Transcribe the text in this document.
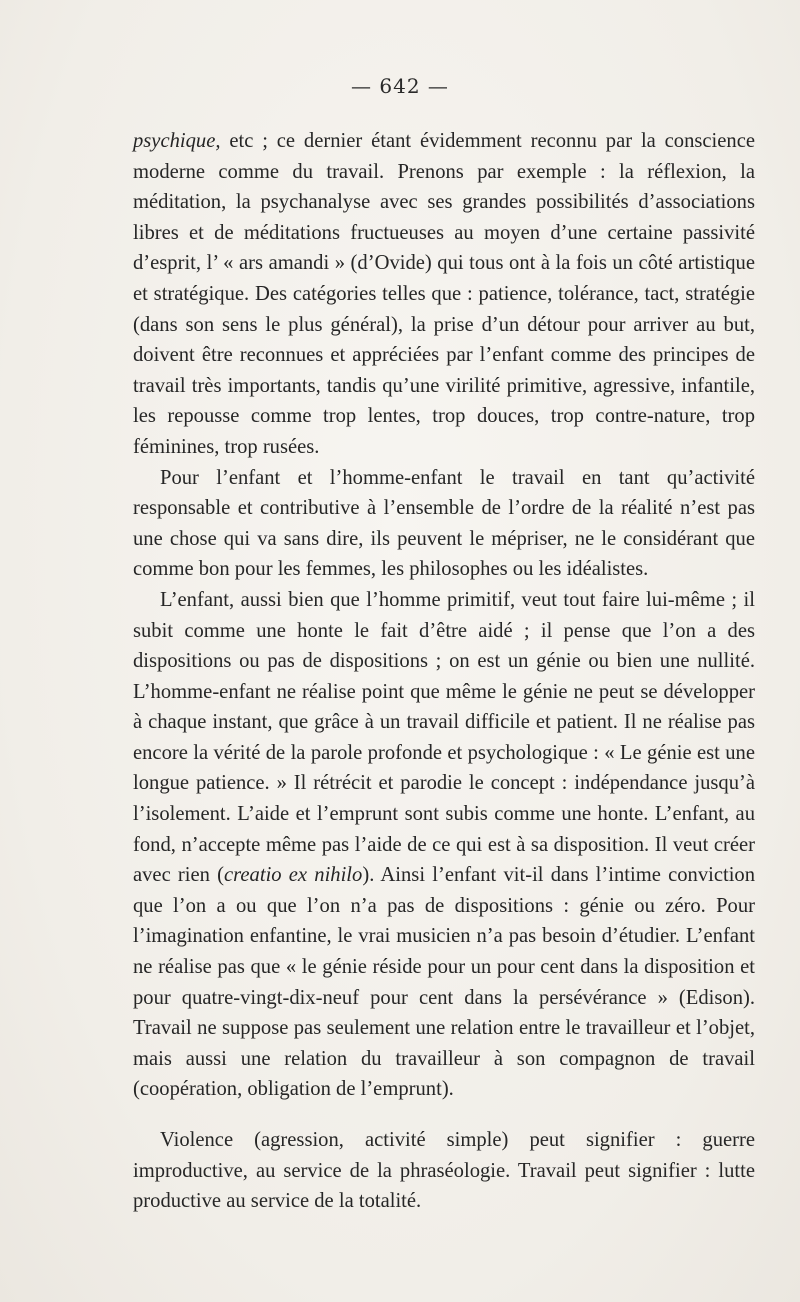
— 642 —

psychique, etc ; ce dernier étant évidemment reconnu par la conscience moderne comme du travail. Prenons par exemple : la réflexion, la méditation, la psychanalyse avec ses grandes possibilités d’associations libres et de méditations fructueuses au moyen d’une certaine passivité d’esprit, l’ « ars amandi » (d’Ovide) qui tous ont à la fois un côté artistique et stratégique. Des catégories telles que : patience, tolérance, tact, stratégie (dans son sens le plus général), la prise d’un détour pour arriver au but, doivent être reconnues et appréciées par l’enfant comme des principes de travail très importants, tandis qu’une virilité primitive, agressive, infantile, les repousse comme trop lentes, trop douces, trop contre-nature, trop féminines, trop rusées.

Pour l’enfant et l’homme-enfant le travail en tant qu’activité responsable et contributive à l’ensemble de l’ordre de la réalité n’est pas une chose qui va sans dire, ils peuvent le mépriser, ne le considérant que comme bon pour les femmes, les philosophes ou les idéalistes.

L’enfant, aussi bien que l’homme primitif, veut tout faire lui-même ; il subit comme une honte le fait d’être aidé ; il pense que l’on a des dispositions ou pas de dispositions ; on est un génie ou bien une nullité. L’homme-enfant ne réalise point que même le génie ne peut se développer à chaque instant, que grâce à un travail difficile et patient. Il ne réalise pas encore la vérité de la parole profonde et psychologique : « Le génie est une longue patience. » Il rétrécit et parodie le concept : indépendance jusqu’à l’isolement. L’aide et l’emprunt sont subis comme une honte. L’enfant, au fond, n’accepte même pas l’aide de ce qui est à sa disposition. Il veut créer avec rien (creatio ex nihilo). Ainsi l’enfant vit-il dans l’intime conviction que l’on a ou que l’on n’a pas de dispositions : génie ou zéro. Pour l’imagination enfantine, le vrai musicien n’a pas besoin d’étudier. L’enfant ne réalise pas que « le génie réside pour un pour cent dans la disposition et pour quatre-vingt-dix-neuf pour cent dans la persévérance » (Edison). Travail ne suppose pas seulement une relation entre le travailleur et l’objet, mais aussi une relation du travailleur à son compagnon de travail (coopération, obligation de l’emprunt).

Violence (agression, activité simple) peut signifier : guerre improductive, au service de la phraséologie. Travail peut signifier : lutte productive au service de la totalité.
